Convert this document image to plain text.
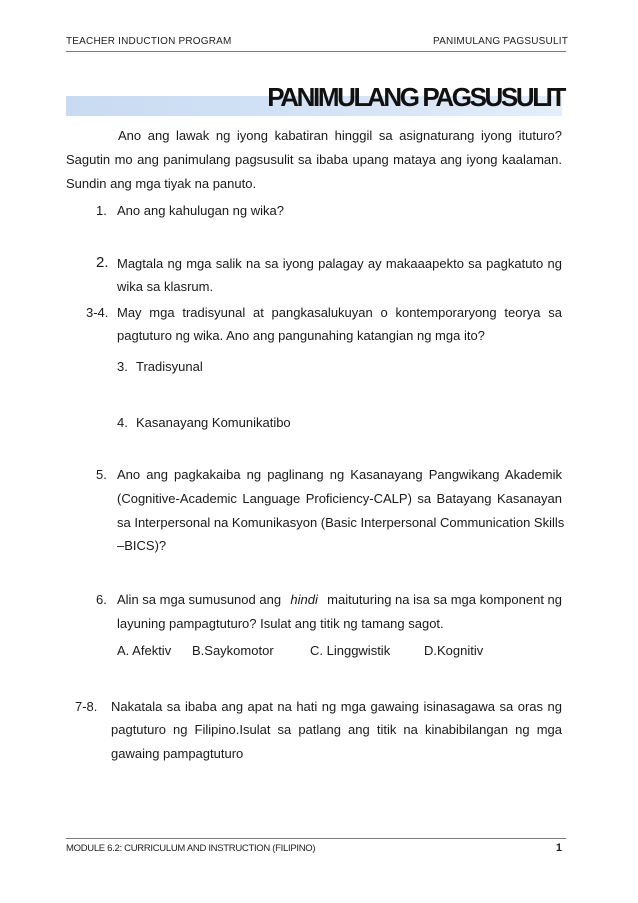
TEACHER INDUCTION PROGRAM	PANIMULANG PAGSUSULIT
PANIMULANG PAGSUSULIT
Ano ang lawak ng iyong kabatiran hinggil sa asignaturang iyong ituturo?
Sagutin mo ang panimulang pagsusulit sa ibaba upang mataya ang iyong kaalaman.
Sundin ang mga tiyak na panuto.
1. Ano ang kahulugan ng wika?
2. Magtala ng mga salik na sa iyong palagay ay makaaapekto sa pagkatuto ng
wika sa klasrum.
3-4. May mga tradisyunal at pangkasalukuyan o kontemporaryong teorya sa
pagtuturo ng wika. Ano ang pangunahing katangian ng mga ito?
3. Tradisyunal
4. Kasanayang Komunikatibo
5. Ano ang pagkakaiba ng paglinang ng Kasanayang Pangwikang Akademik
(Cognitive-Academic Language Proficiency-CALP) sa Batayang Kasanayan
sa Interpersonal na Komunikasyon (Basic Interpersonal Communication Skills
–BICS)?
6. Alin sa mga sumusunod ang hindi maituturing na isa sa mga komponent ng
layuning pampagtuturo? Isulat ang titik ng tamang sagot.
A. Afektiv B.Saykomotor	C. Linggwistik	D.Kognitiv
7-8. Nakatala sa ibaba ang apat na hati ng mga gawaing isinasagawa sa oras ng
pagtuturo ng Filipino.Isulat sa patlang ang titik na kinabibilangan ng mga
gawaing pampagtuturo
MODULE 6.2: CURRICULUM AND INSTRUCTION (FILIPINO)	1
